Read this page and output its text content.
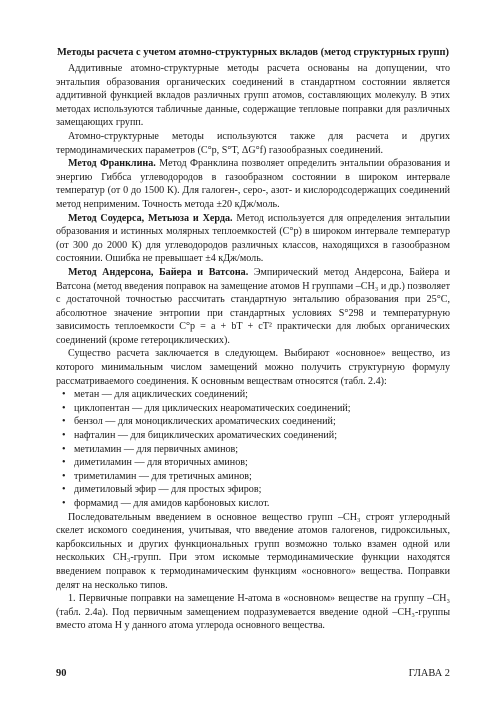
Методы расчета с учетом атомно-структурных вкладов (метод структурных групп)

Аддитивные атомно-структурные методы расчета основаны на допущении, что энтальпия образования органических соединений в стандартном состоянии является аддитивной функцией вкладов различных групп атомов, составляющих молекулу. В этих методах используются табличные данные, содержащие тепловые поправки для различных замещающих групп.

Атомно-структурные методы используются также для расчета и других термодинамических параметров (C°p, S°T, ΔG°f) газообразных соединений.

Метод Франклина. Метод Франклина позволяет определить энтальпии образования и энергию Гиббса углеводородов в газообразном состоянии в широком интервале температур (от 0 до 1500 К). Для галоген-, серо-, азот- и кислородсодержащих соединений метод неприменим. Точность метода ±20 кДж/моль.

Метод Соудерса, Метьюза и Херда. Метод используется для определения энтальпии образования и истинных молярных теплоемкостей (C°p) в широком интервале температур (от 300 до 2000 К) для углеводородов различных классов, находящихся в газообразном состоянии. Ошибка не превышает ±4 кДж/моль.

Метод Андерсона, Байера и Ватсона. Эмпирический метод Андерсона, Байера и Ватсона (метод введения поправок на замещение атомов Н группами –CH₃ и др.) позволяет с достаточной точностью рассчитать стандартную энтальпию образования при 25°C, абсолютное значение энтропии при стандартных условиях S°298 и температурную зависимость теплоемкости C°p = a + bT + cT² практически для любых органических соединений (кроме гетероциклических).

Существо расчета заключается в следующем. Выбирают «основное» вещество, из которого минимальным числом замещений можно получить структурную формулу рассматриваемого соединения. К основным веществам относятся (табл. 2.4):

• метан — для ациклических соединений;
• циклопентан — для циклических неароматических соединений;
• бензол — для моноциклических ароматических соединений;
• нафталин — для бициклических ароматических соединений;
• метиламин — для первичных аминов;
• диметиламин — для вторичных аминов;
• триметиламин — для третичных аминов;
• диметиловый эфир — для простых эфиров;
• формамид — для амидов карбоновых кислот.

Последовательным введением в основное вещество групп –CH₃ строят углеродный скелет искомого соединения, учитывая, что введение атомов галогенов, гидроксильных, карбоксильных и других функциональных групп возможно только взамен одной или нескольких CH₃-групп. При этом искомые термодинамические функции находятся введением поправок к термодинамическим функциям «основного» вещества. Поправки делят на несколько типов.

1. Первичные поправки на замещение Н-атома в «основном» веществе на группу –CH₃ (табл. 2.4а). Под первичным замещением подразумевается введение одной –CH₃-группы вместо атома Н у данного атома углерода основного вещества.

90	ГЛАВА 2
